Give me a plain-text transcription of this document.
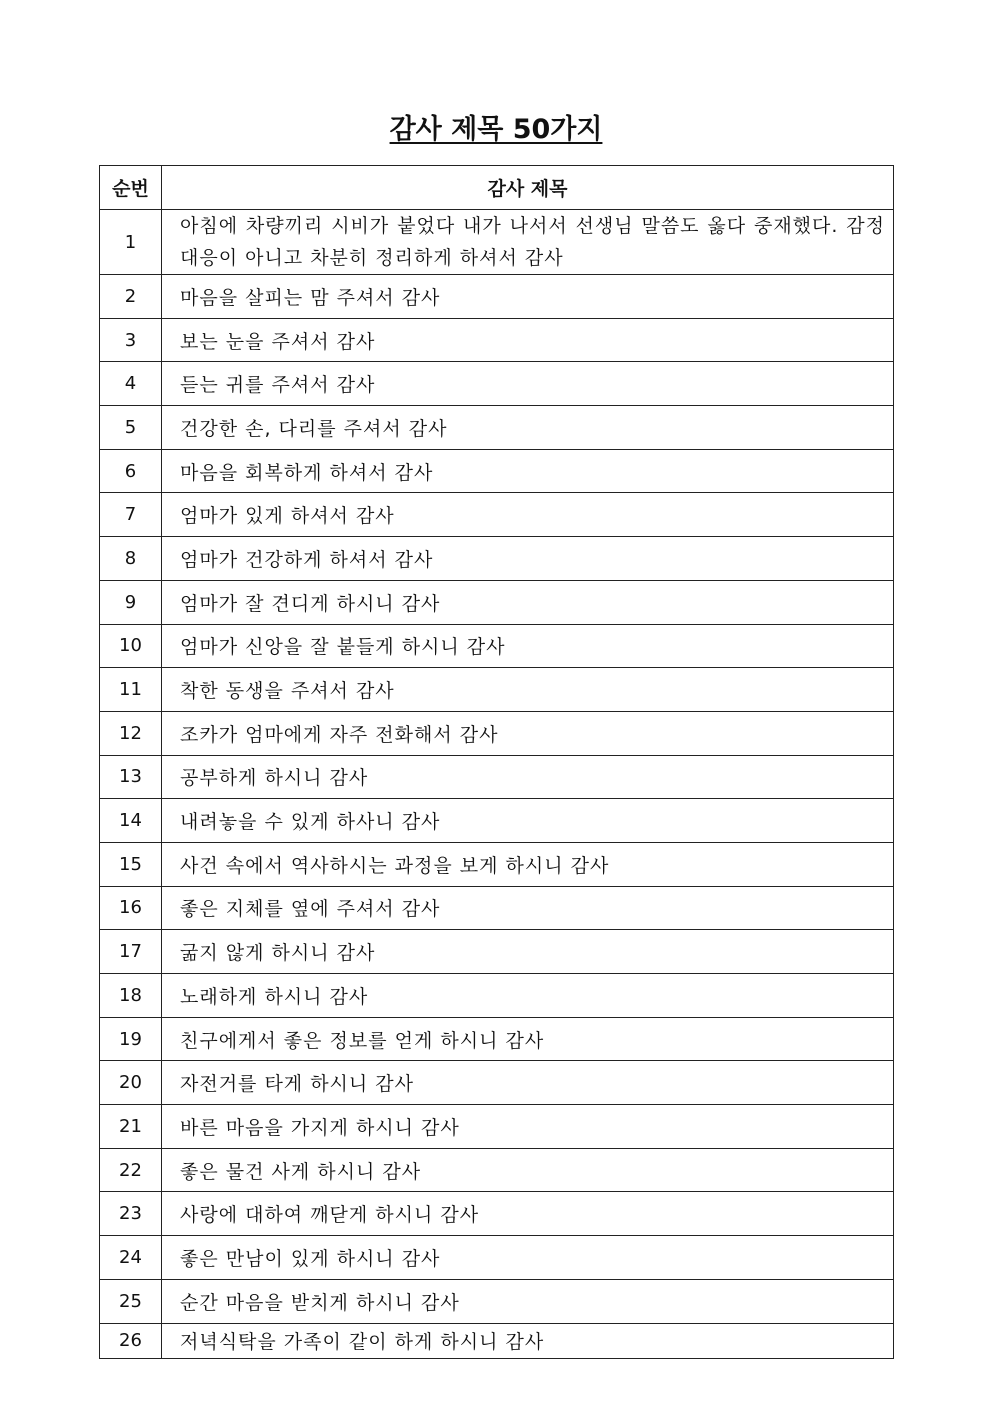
감사 제목 50가지
순번	감사 제목
1	아침에 차량끼리 시비가 붙었다 내가 나서서 선생님 말씀도 옳다 중재했다. 감정대응이 아니고 차분히 정리하게 하셔서 감사
2	마음을 살피는 맘 주셔서 감사
3	보는 눈을 주셔서 감사
4	듣는 귀를 주셔서 감사
5	건강한 손, 다리를 주셔서 감사
6	마음을 회복하게 하셔서 감사
7	엄마가 있게 하셔서 감사
8	엄마가 건강하게 하셔서 감사
9	엄마가 잘 견디게 하시니 감사
10	엄마가 신앙을 잘 붙들게 하시니 감사
11	착한 동생을 주셔서 감사
12	조카가 엄마에게 자주 전화해서 감사
13	공부하게 하시니 감사
14	내려놓을 수 있게 하사니 감사
15	사건 속에서 역사하시는 과정을 보게 하시니 감사
16	좋은 지체를 옆에 주셔서 감사
17	굶지 않게 하시니 감사
18	노래하게 하시니 감사
19	친구에게서 좋은 정보를 얻게 하시니 감사
20	자전거를 타게 하시니 감사
21	바른 마음을 가지게 하시니 감사
22	좋은 물건 사게 하시니 감사
23	사랑에 대하여 깨닫게 하시니 감사
24	좋은 만남이 있게 하시니 감사
25	순간 마음을 받치게 하시니 감사
26	저녁식탁을 가족이 같이 하게 하시니 감사
